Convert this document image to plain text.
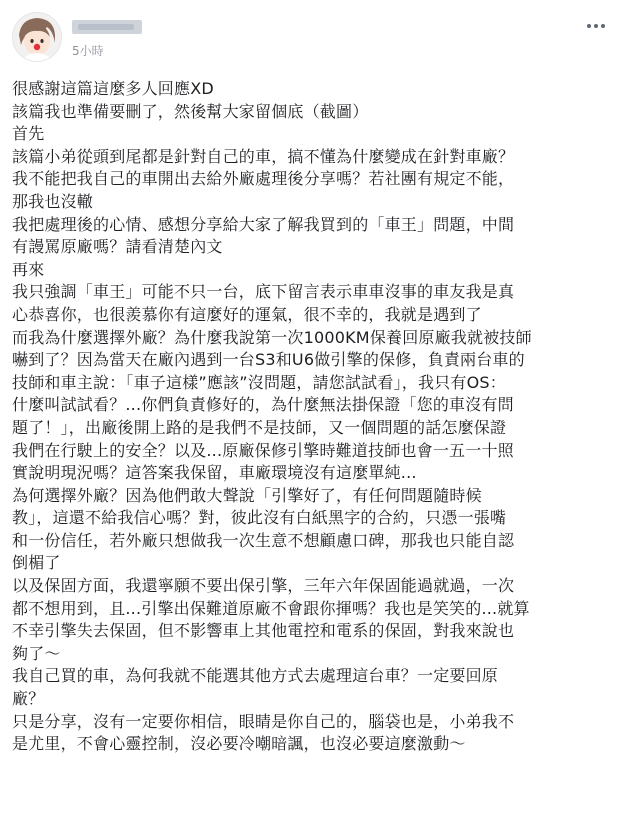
5小時
很感謝這篇這麼多人回應XD
該篇我也準備要刪了，然後幫大家留個底（截圖）
首先
該篇小弟從頭到尾都是針對自己的車，搞不懂為什麼變成在針對車廠？
我不能把我自己的車開出去給外廠處理後分享嗎？若社團有規定不能，
那我也沒轍
我把處理後的心情、感想分享給大家了解我買到的「車王」問題，中間
有謾罵原廠嗎？請看清楚內文
再來
我只強調「車王」可能不只一台，底下留言表示車車沒事的車友我是真
心恭喜你，也很羨慕你有這麼好的運氣，很不幸的，我就是遇到了
而我為什麼選擇外廠？為什麼我說第一次1000KM保養回原廠我就被技師
嚇到了？因為當天在廠內遇到一台S3和U6做引擎的保修，負責兩台車的
技師和車主說：「車子這樣”應該”沒問題，請您試試看」，我只有OS：
什麼叫試試看？...你們負責修好的，為什麼無法掛保證「您的車沒有問
題了！」，出廠後開上路的是我們不是技師，又一個問題的話怎麼保證
我們在行駛上的安全？以及...原廠保修引擎時難道技師也會一五一十照
實說明現況嗎？這答案我保留，車廠環境沒有這麼單純...
為何選擇外廠？因為他們敢大聲說「引擎好了，有任何問題隨時候
教」，這還不給我信心嗎？對，彼此沒有白紙黑字的合約，只憑一張嘴
和一份信任，若外廠只想做我一次生意不想顧慮口碑，那我也只能自認
倒楣了
以及保固方面，我還寧願不要出保引擎，三年六年保固能過就過，一次
都不想用到，且...引擎出保難道原廠不會跟你揮嗎？我也是笑笑的...就算
不幸引擎失去保固，但不影響車上其他電控和電系的保固，對我來說也
夠了～
我自己買的車，為何我就不能選其他方式去處理這台車？一定要回原
廠？
只是分享，沒有一定要你相信，眼睛是你自己的，腦袋也是，小弟我不
是尤里，不會心靈控制，沒必要冷嘲暗諷，也沒必要這麼激動～
